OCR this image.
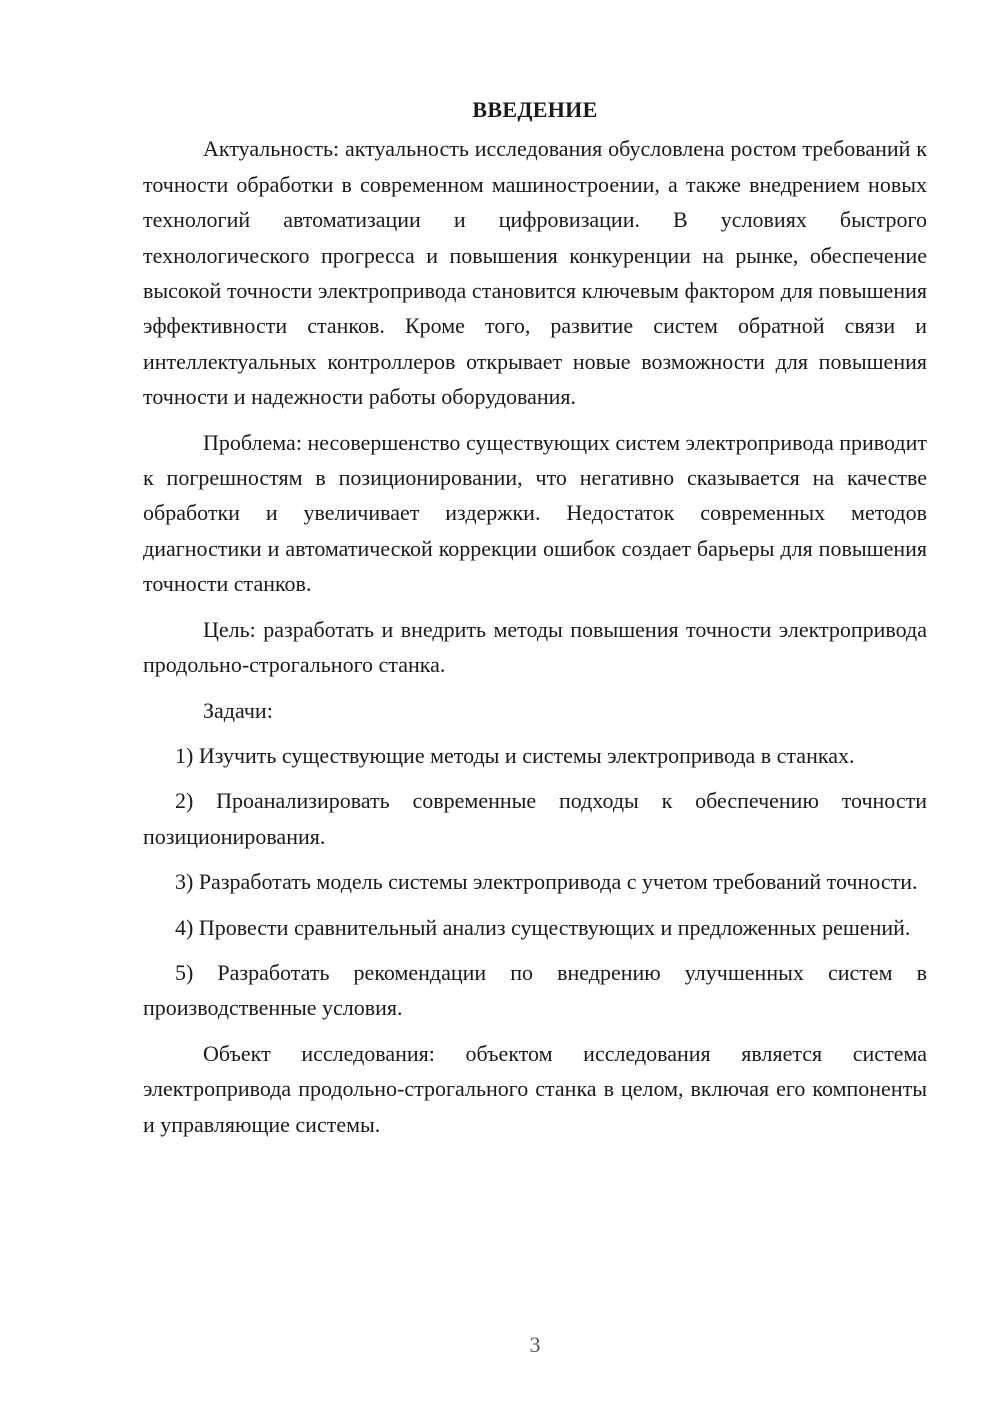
ВВЕДЕНИЕ

Актуальность: актуальность исследования обусловлена ростом требований к точности обработки в современном машиностроении, а также внедрением новых технологий автоматизации и цифровизации. В условиях быстрого технологического прогресса и повышения конкуренции на рынке, обеспечение высокой точности электропривода становится ключевым фактором для повышения эффективности станков. Кроме того, развитие систем обратной связи и интеллектуальных контроллеров открывает новые возможности для повышения точности и надежности работы оборудования.

Проблема: несовершенство существующих систем электропривода приводит к погрешностям в позиционировании, что негативно сказывается на качестве обработки и увеличивает издержки. Недостаток современных методов диагностики и автоматической коррекции ошибок создает барьеры для повышения точности станков.

Цель: разработать и внедрить методы повышения точности электропривода продольно-строгального станка.

Задачи:

1) Изучить существующие методы и системы электропривода в станках.

2) Проанализировать современные подходы к обеспечению точности позиционирования.

3) Разработать модель системы электропривода с учетом требований точности.

4) Провести сравнительный анализ существующих и предложенных решений.

5) Разработать рекомендации по внедрению улучшенных систем в производственные условия.

Объект исследования: объектом исследования является система электропривода продольно-строгального станка в целом, включая его компоненты и управляющие системы.

3
